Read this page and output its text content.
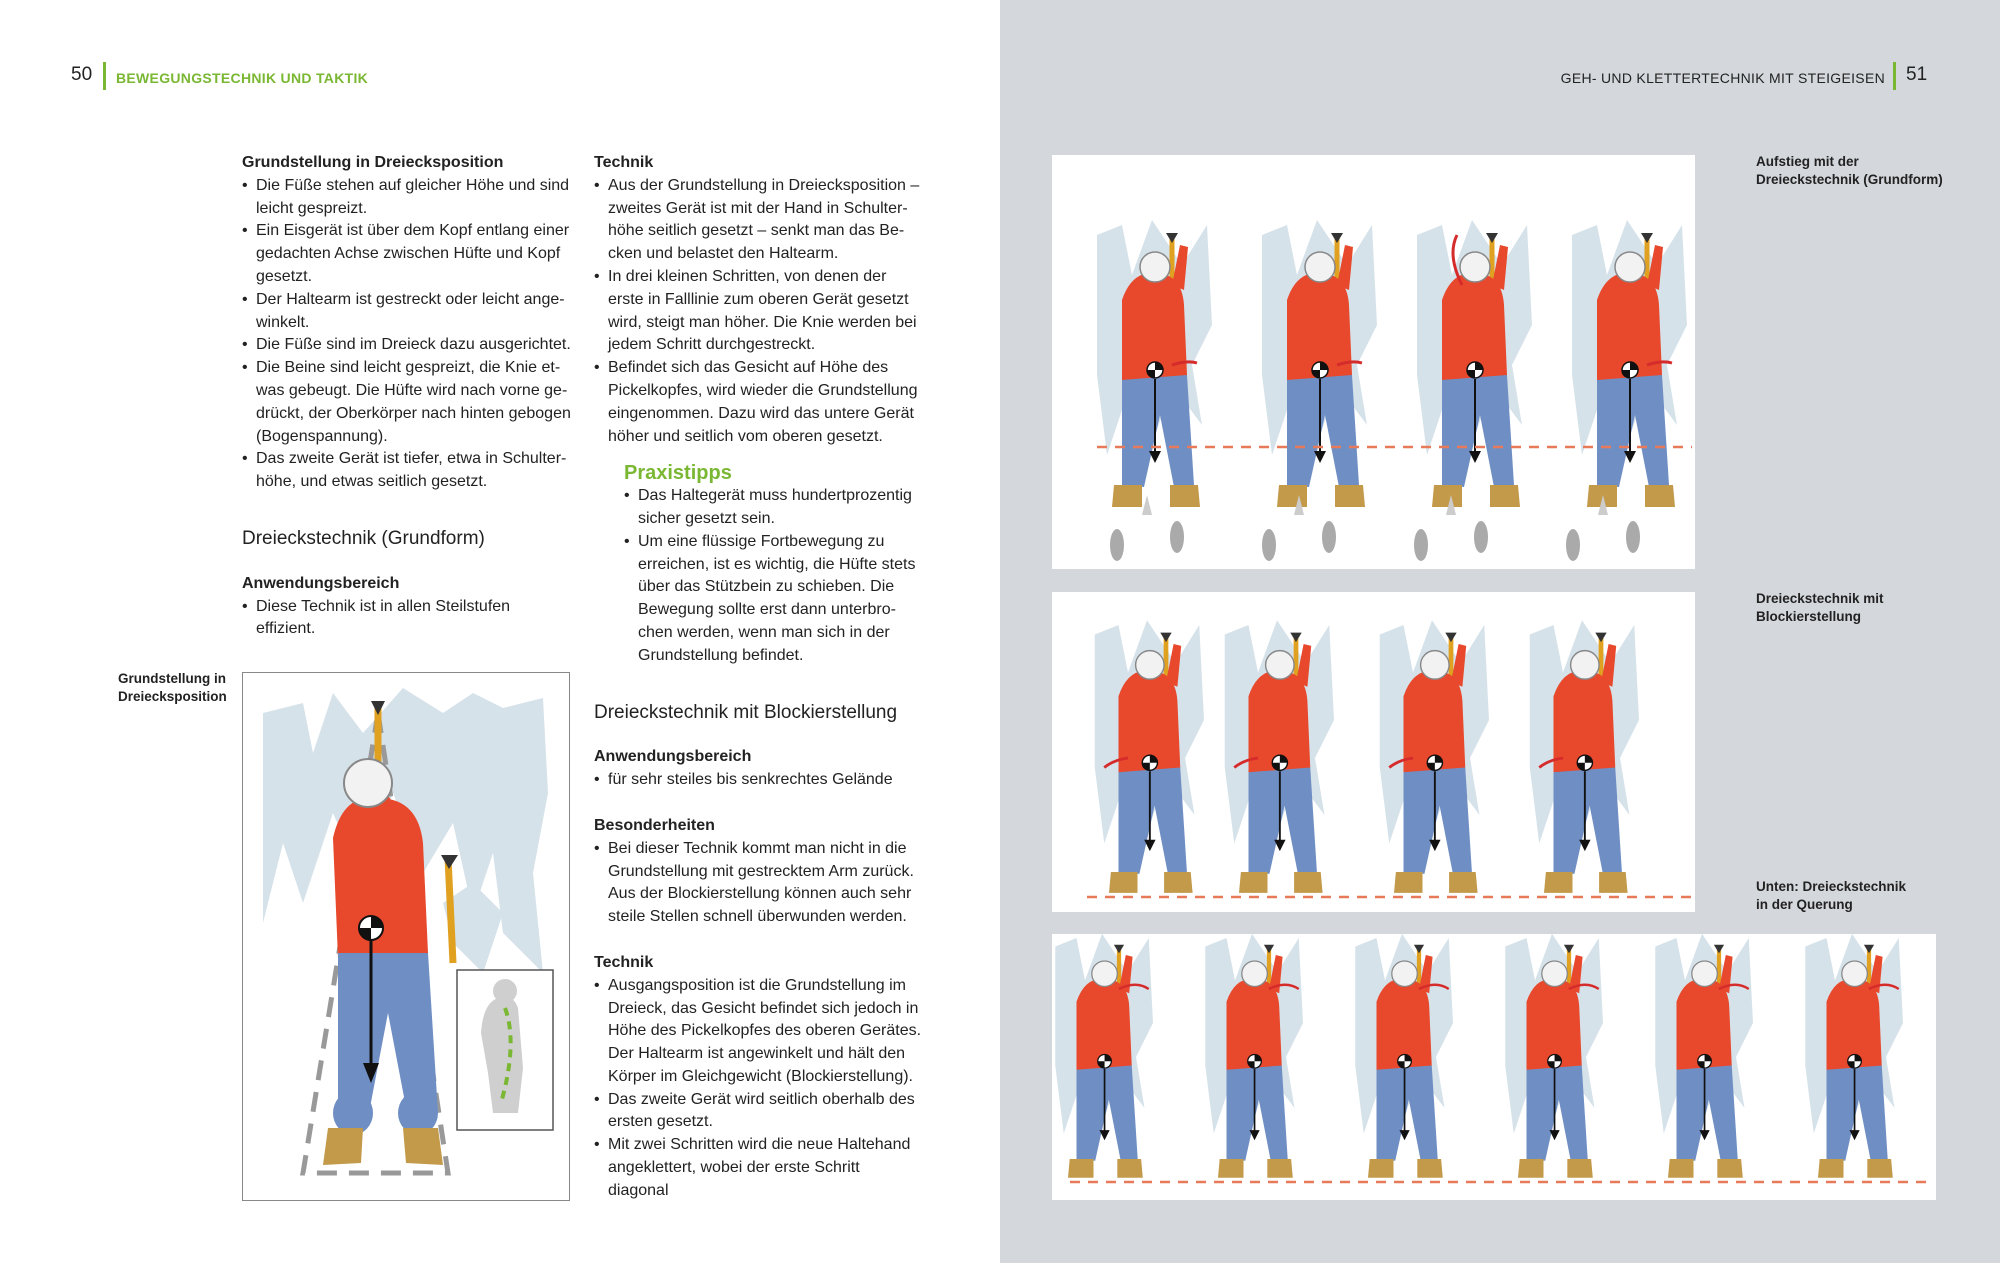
50 BEWEGUNGSTECHNIK UND TAKTIK
Grundstellung in Dreiecksposition
• Die Füße stehen auf gleicher Höhe und sind leicht gespreizt.
• Ein Eisgerät ist über dem Kopf entlang einer gedachten Achse zwischen Hüfte und Kopf gesetzt.
• Der Haltearm ist gestreckt oder leicht angewinkelt.
• Die Füße sind im Dreieck dazu ausgerichtet.
• Die Beine sind leicht gespreizt, die Knie etwas gebeugt. Die Hüfte wird nach vorne gedrückt, der Oberkörper nach hinten gebogen (Bogenspannung).
• Das zweite Gerät ist tiefer, etwa in Schulterhöhe, und etwas seitlich gesetzt.

Dreieckstechnik (Grundform)

Anwendungsbereich
• Diese Technik ist in allen Steilstufen effizient.
Technik
• Aus der Grundstellung in Dreiecksposition – zweites Gerät ist mit der Hand in Schulterhöhe seitlich gesetzt – senkt man das Becken und belastet den Haltearm.
• In drei kleinen Schritten, von denen der erste in Falllinie zum oberen Gerät gesetzt wird, steigt man höher. Die Knie werden bei jedem Schritt durchgestreckt.
• Befindet sich das Gesicht auf Höhe des Pickelkopfes, wird wieder die Grundstellung eingenommen. Dazu wird das untere Gerät höher und seitlich vom oberen gesetzt.

Praxistipps

• Das Haltegerät muss hundertprozentig sicher gesetzt sein.
• Um eine flüssige Fortbewegung zu erreichen, ist es wichtig, die Hüfte stets über das Stützbein zu schieben. Die Bewegung sollte erst dann unterbrochen werden, wenn man sich in der Grundstellung befindet.

Dreieckstechnik mit Blockierstellung

Anwendungsbereich
• für sehr steiles bis senkrechtes Gelände
Besonderheiten
• Bei dieser Technik kommt man nicht in die Grundstellung mit gestrecktem Arm zurück. Aus der Blockierstellung können auch sehr steile Stellen schnell überwunden werden.
Technik
• Ausgangsposition ist die Grundstellung im Dreieck, das Gesicht befindet sich jedoch in Höhe des Pickelkopfes des oberen Gerätes. Der Haltearm ist angewinkelt und hält den Körper im Gleichgewicht (Blockierstellung).
• Das zweite Gerät wird seitlich oberhalb des ersten gesetzt.
• Mit zwei Schritten wird die neue Haltehand angeklettert, wobei der erste Schritt diagonal
Grundstellung in
Dreiecksposition
GEH- UND KLETTERTECHNIK MIT STEIGEISEN 51
Aufstieg mit der
Dreieckstechnik (Grundform)
Dreieckstechnik mit
Blockierstellung
Unten: Dreieckstechnik
in der Querung
